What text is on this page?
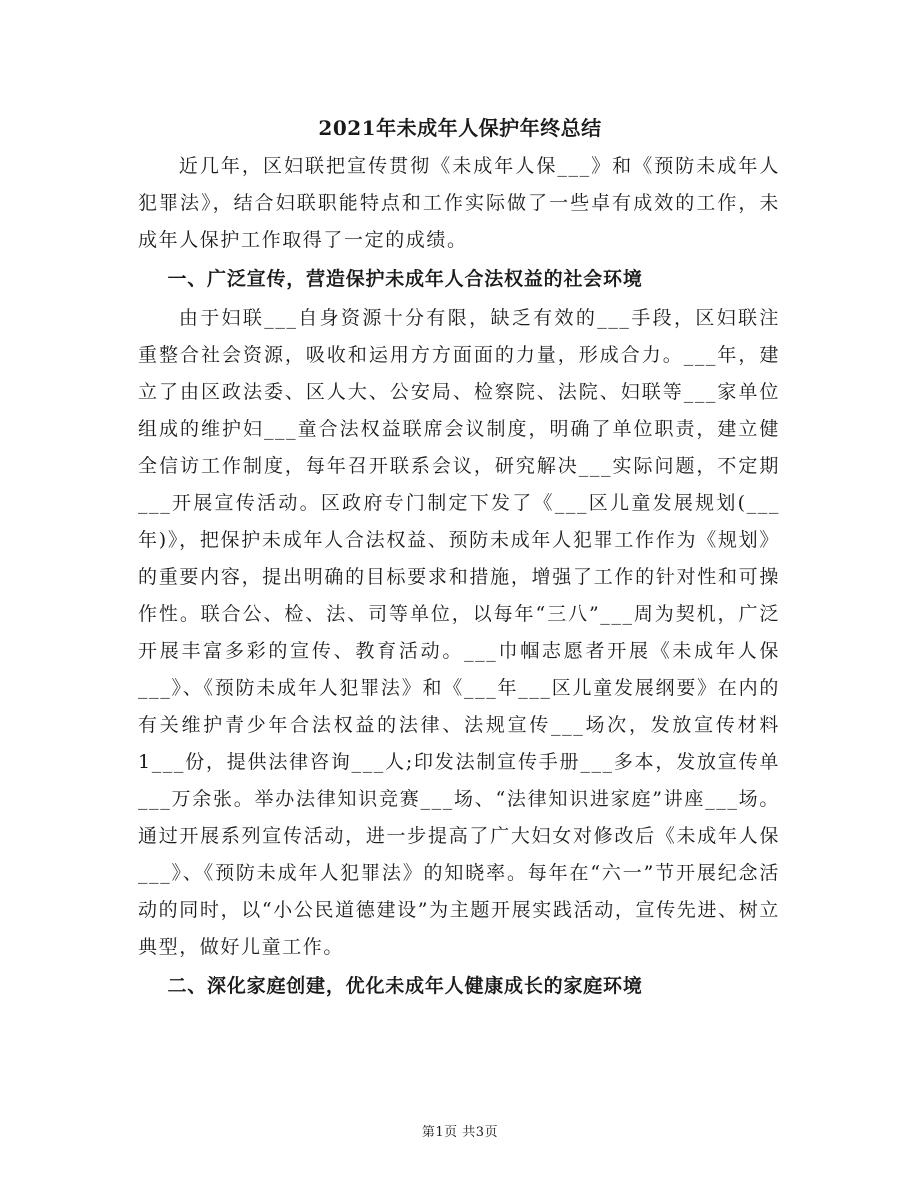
2021年未成年人保护年终总结

近几年，区妇联把宣传贯彻《未成年人保___》和《预防未成年人犯罪法》，结合妇联职能特点和工作实际做了一些卓有成效的工作，未成年人保护工作取得了一定的成绩。

一、广泛宣传，营造保护未成年人合法权益的社会环境

由于妇联___自身资源十分有限，缺乏有效的___手段，区妇联注重整合社会资源，吸收和运用方方面面的力量，形成合力。___年，建立了由区政法委、区人大、公安局、检察院、法院、妇联等___家单位组成的维护妇___童合法权益联席会议制度，明确了单位职责，建立健全信访工作制度，每年召开联系会议，研究解决___实际问题，不定期___开展宣传活动。区政府专门制定下发了《___区儿童发展规划(___年)》，把保护未成年人合法权益、预防未成年人犯罪工作作为《规划》的重要内容，提出明确的目标要求和措施，增强了工作的针对性和可操作性。联合公、检、法、司等单位，以每年“三八”___周为契机，广泛开展丰富多彩的宣传、教育活动。___巾帼志愿者开展《未成年人保___》、《预防未成年人犯罪法》和《___年___区儿童发展纲要》在内的有关维护青少年合法权益的法律、法规宣传___场次，发放宣传材料1___份，提供法律咨询___人;印发法制宣传手册___多本，发放宣传单___万余张。举办法律知识竞赛___场、“法律知识进家庭”讲座___场。通过开展系列宣传活动，进一步提高了广大妇女对修改后《未成年人保___》、《预防未成年人犯罪法》的知晓率。每年在“六一”节开展纪念活动的同时，以“小公民道德建设”为主题开展实践活动，宣传先进、树立典型，做好儿童工作。

二、深化家庭创建，优化未成年人健康成长的家庭环境

第1页 共3页
